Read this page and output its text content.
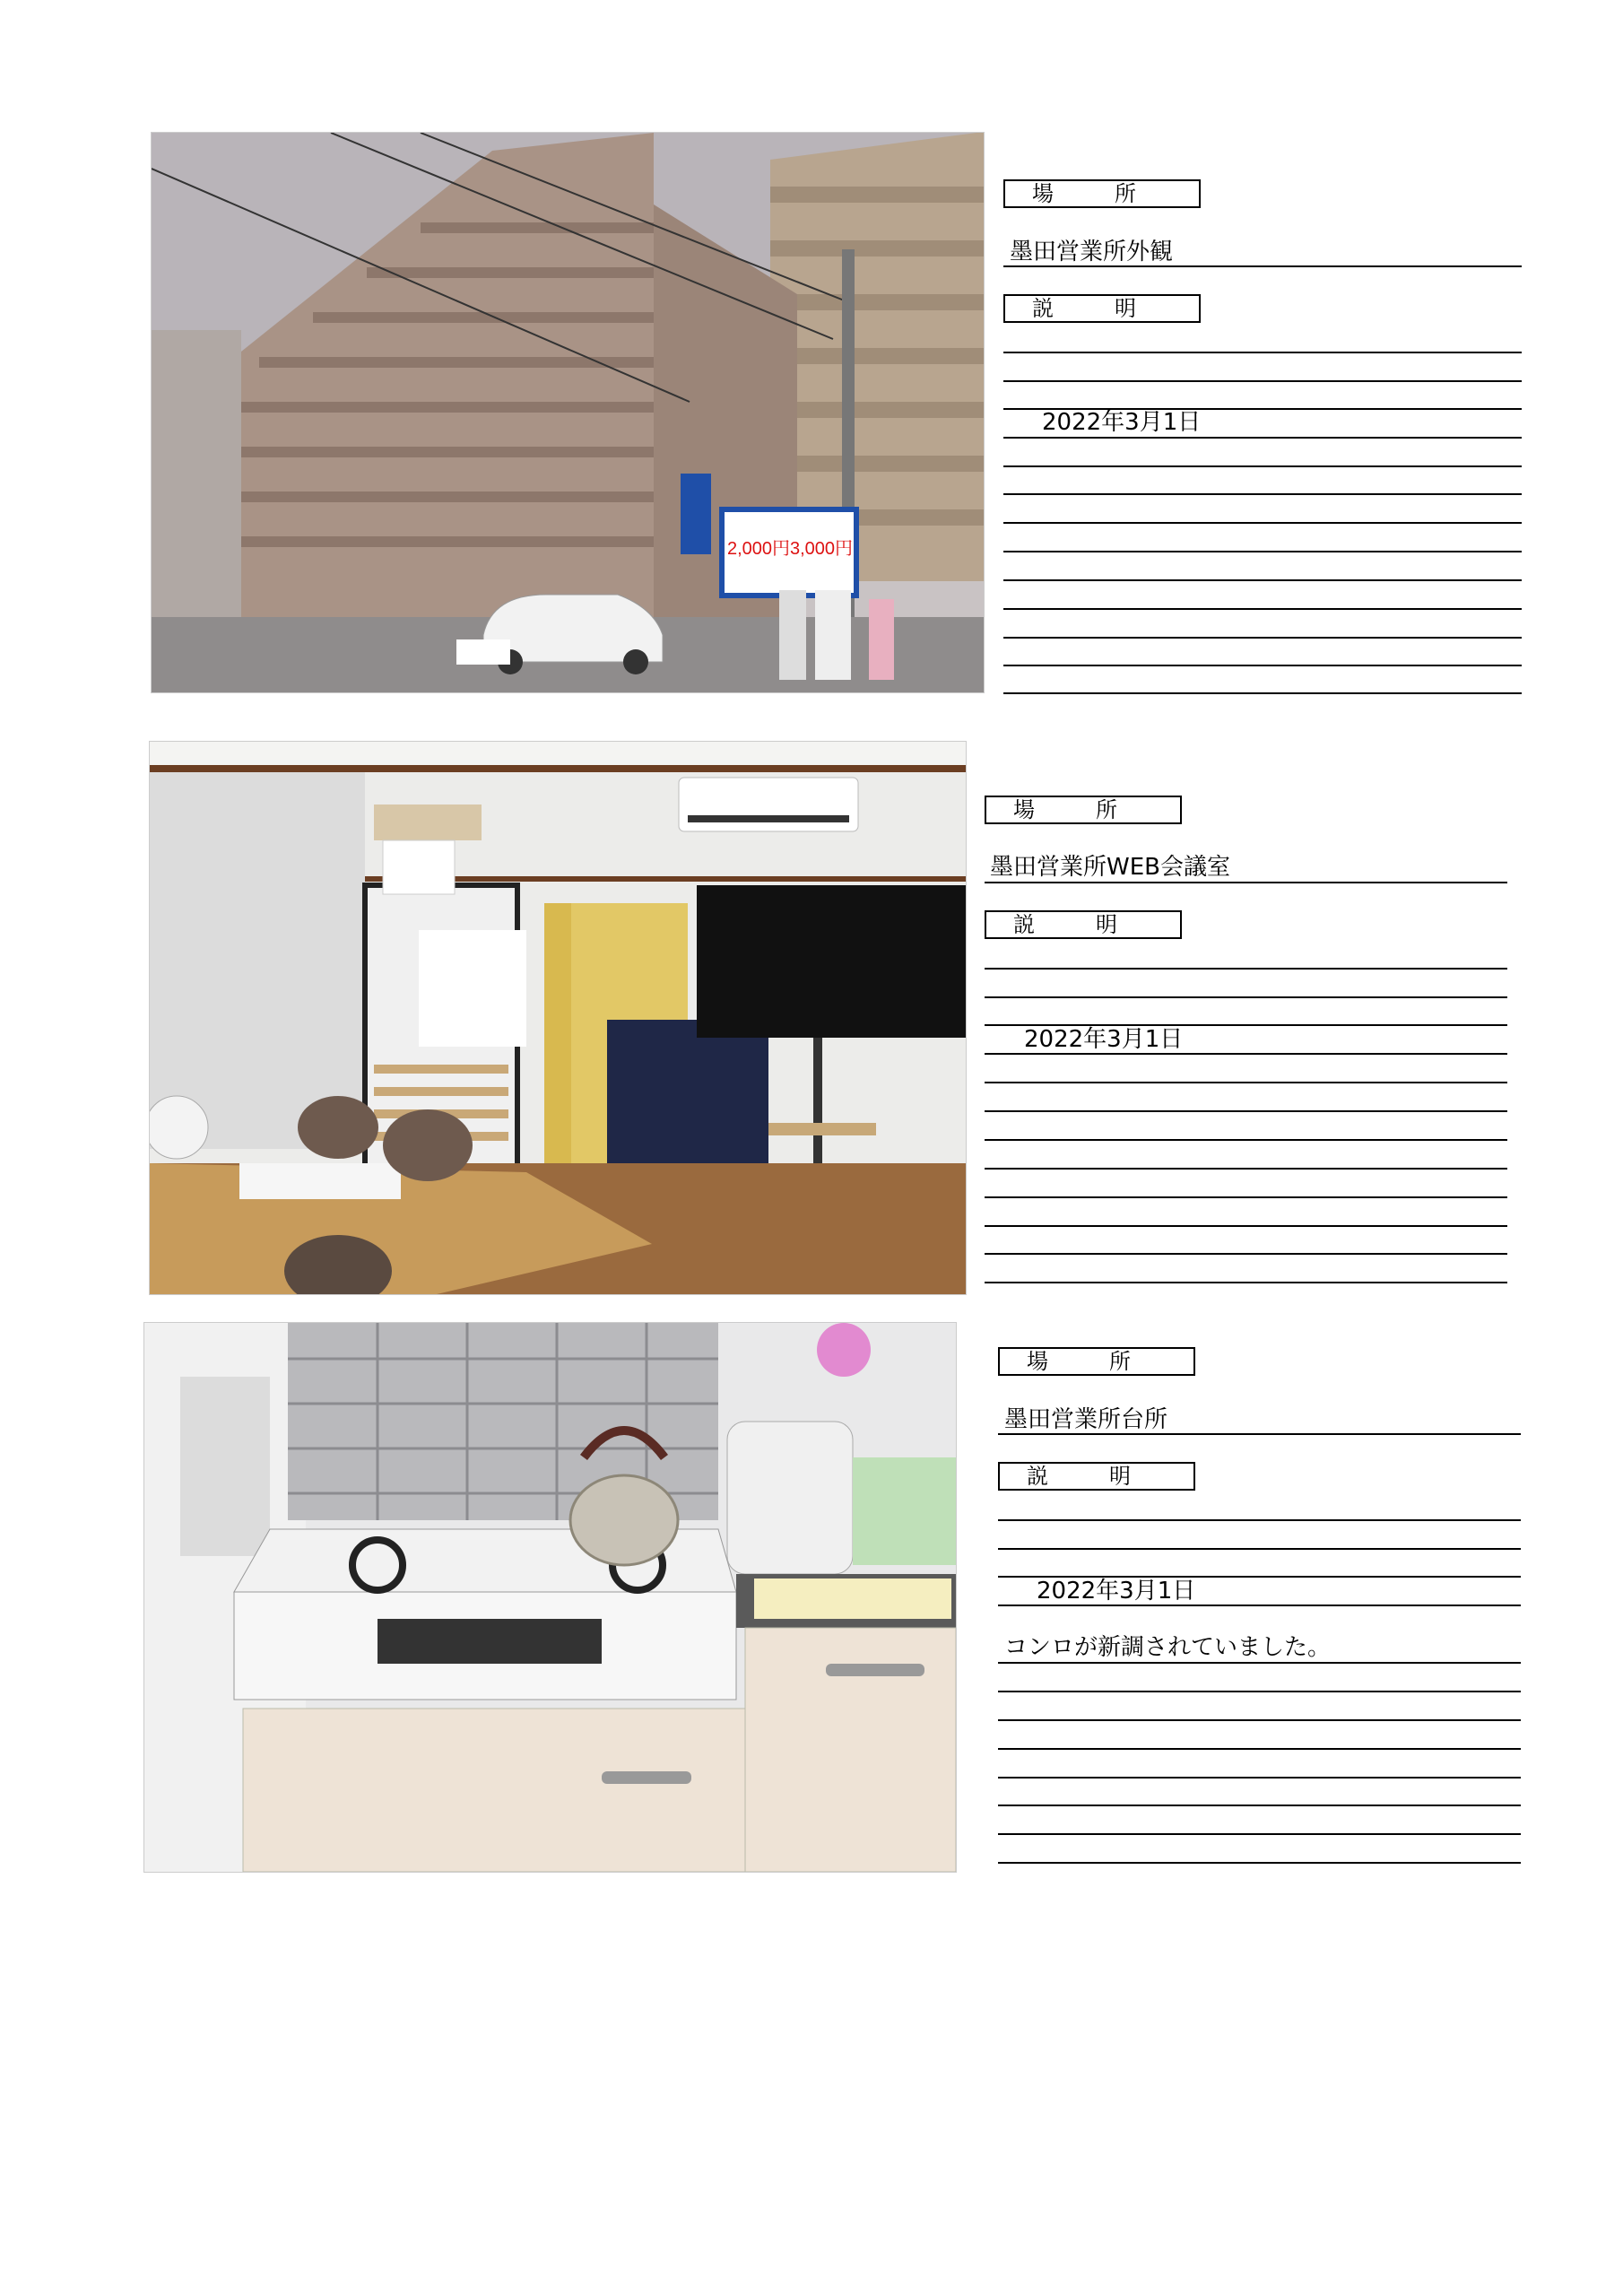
2,000円 3,000円
場　所
墨田営業所外観
説　明
2022年3月1日
場　所
墨田営業所WEB会議室
説　明
2022年3月1日
場　所
墨田営業所台所
説　明
2022年3月1日
コンロが新調されていました。
